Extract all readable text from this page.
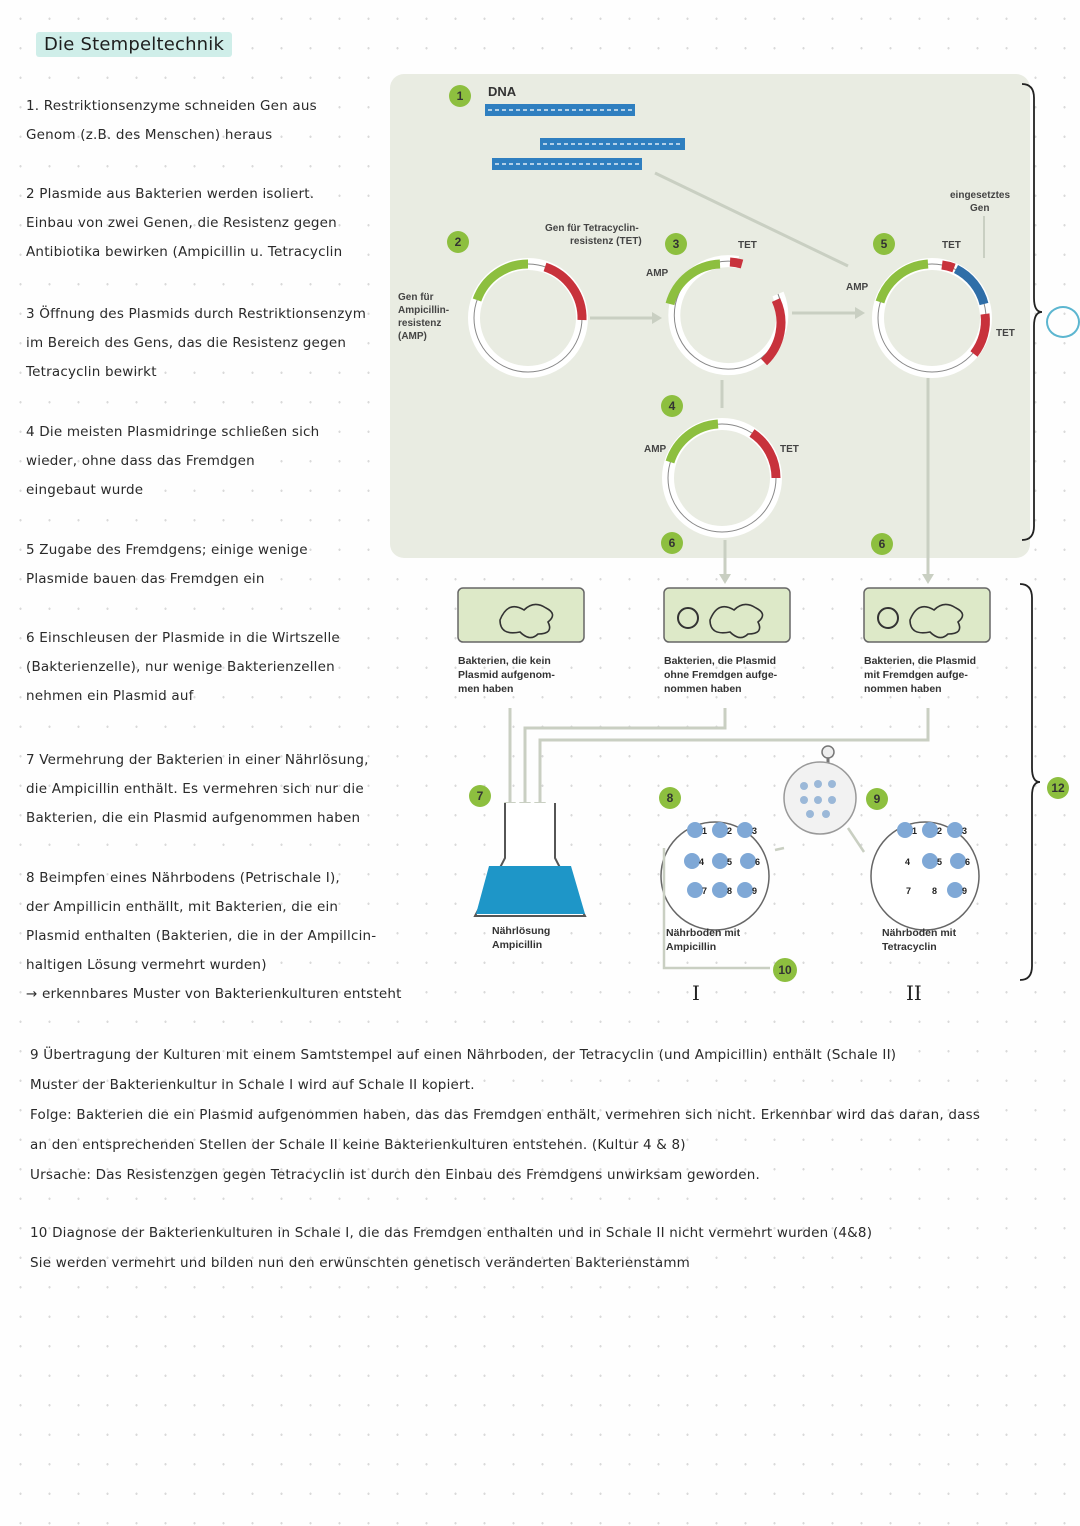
Die Stempeltechnik
1. Restriktionsenzyme schneiden Gen aus
Genom (z.B. des Menschen) heraus
2 Plasmide aus Bakterien werden isoliert.
Einbau von zwei Genen, die Resistenz gegen
Antibiotika bewirken (Ampicillin u. Tetracyclin
3 Öffnung des Plasmids durch Restriktionsenzym
im Bereich des Gens, das die Resistenz gegen
Tetracyclin bewirkt
4 Die meisten Plasmidringe schließen sich
wieder, ohne dass das Fremdgen
eingebaut wurde
5 Zugabe des Fremdgens; einige wenige
Plasmide bauen das Fremdgen ein
6 Einschleusen der Plasmide in die Wirtszelle
(Bakterienzelle), nur wenige Bakterienzellen
nehmen ein Plasmid auf
7 Vermehrung der Bakterien in einer Nährlösung,
die Ampicillin enthält. Es vermehren sich nur die
Bakterien, die ein Plasmid aufgenommen haben
8 Beimpfen eines Nährbodens (Petrischale I),
der Ampillicin enthällt, mit Bakterien, die ein
Plasmid enthalten (Bakterien, die in der Ampillcin-
haltigen Lösung vermehrt wurden)
→ erkennbares Muster von Bakterienkulturen entsteht
DNA
1 2 3
4	5	6
7 8 9
1 2 3
4	5	6
7 8	9
1
2	3
4
5
6	6
7	8	9
10
12
Gen für Tetracyclin-
resistenz (TET)
Gen für
Ampicillin-
resistenz
(AMP)
AMP
TET
AMP
TET
TET
AMP	TET
eingesetztes
Gen
Bakterien, die kein
Plasmid aufgenom-
men haben
Bakterien, die Plasmid
ohne Fremdgen aufge-
nommen haben
Bakterien, die Plasmid
mit Fremdgen aufge-
nommen haben
Nährlösung
Ampicillin
Nährboden mit
Ampicillin
Nährboden mit
Tetracyclin
I	II
9 Übertragung der Kulturen mit einem Samtstempel auf einen Nährboden, der Tetracyclin (und Ampicillin) enthält (Schale II)
Muster der Bakterienkultur in Schale I wird auf Schale II kopiert.
Folge: Bakterien die ein Plasmid aufgenommen haben, das das Fremdgen enthält, vermehren sich nicht. Erkennbar wird das daran, dass
an den entsprechenden Stellen der Schale II keine Bakterienkulturen entstehen. (Kultur 4 & 8)
Ursache: Das Resistenzgen gegen Tetracyclin ist durch den Einbau des Fremdgens unwirksam geworden.
10 Diagnose der Bakterienkulturen in Schale I, die das Fremdgen enthalten und in Schale II nicht vermehrt wurden (4&8)
Sie werden vermehrt und bilden nun den erwünschten genetisch veränderten Bakterienstamm
